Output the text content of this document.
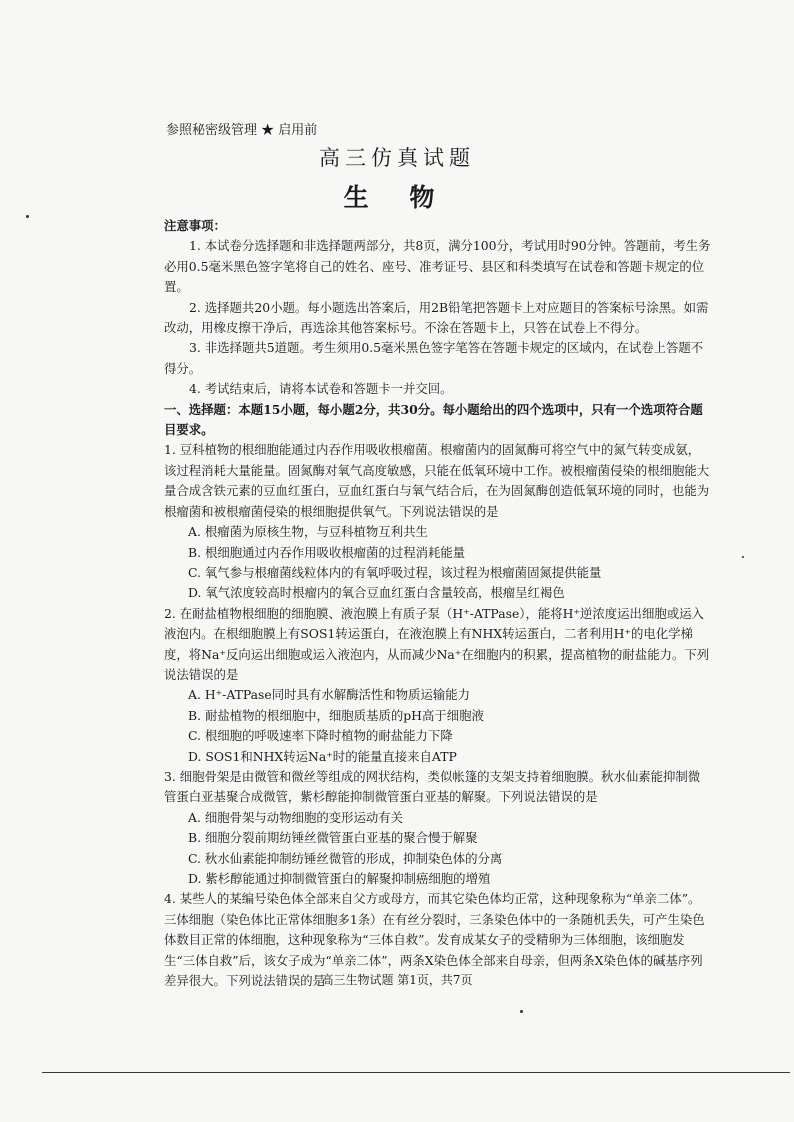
参照秘密级管理 ★ 启用前
高三仿真试题
生 物

注意事项：

1. 本试卷分选择题和非选择题两部分，共8页，满分100分，考试用时90分钟。答题前，考生务必用0.5毫米黑色签字笔将自己的姓名、座号、准考证号、县区和科类填写在试卷和答题卡规定的位置。

2. 选择题共20小题。每小题选出答案后，用2B铅笔把答题卡上对应题目的答案标号涂黑。如需改动，用橡皮擦干净后，再选涂其他答案标号。不涂在答题卡上，只答在试卷上不得分。

3. 非选择题共5道题。考生须用0.5毫米黑色签字笔答在答题卡规定的区域内，在试卷上答题不得分。

4. 考试结束后，请将本试卷和答题卡一并交回。

一、选择题：本题15小题，每小题2分，共30分。每小题给出的四个选项中，只有一个选项符合题目要求。

1. 豆科植物的根细胞能通过内吞作用吸收根瘤菌。根瘤菌内的固氮酶可将空气中的氮气转变成氨，该过程消耗大量能量。固氮酶对氧气高度敏感，只能在低氧环境中工作。被根瘤菌侵染的根细胞能大量合成含铁元素的豆血红蛋白，豆血红蛋白与氧气结合后，在为固氮酶创造低氧环境的同时，也能为根瘤菌和被根瘤菌侵染的根细胞提供氧气。下列说法错误的是

A. 根瘤菌为原核生物，与豆科植物互利共生

B. 根细胞通过内吞作用吸收根瘤菌的过程消耗能量

C. 氧气参与根瘤菌线粒体内的有氧呼吸过程，该过程为根瘤菌固氮提供能量

D. 氧气浓度较高时根瘤内的氧合豆血红蛋白含量较高，根瘤呈红褐色

2. 在耐盐植物根细胞的细胞膜、液泡膜上有质子泵（H⁺-ATPase），能将H⁺逆浓度运出细胞或运入液泡内。在根细胞膜上有SOS1转运蛋白，在液泡膜上有NHX转运蛋白，二者利用H⁺的电化学梯度，将Na⁺反向运出细胞或运入液泡内，从而减少Na⁺在细胞内的积累，提高植物的耐盐能力。下列说法错误的是

A. H⁺-ATPase同时具有水解酶活性和物质运输能力

B. 耐盐植物的根细胞中，细胞质基质的pH高于细胞液

C. 根细胞的呼吸速率下降时植物的耐盐能力下降

D. SOS1和NHX转运Na⁺时的能量直接来自ATP

3. 细胞骨架是由微管和微丝等组成的网状结构，类似帐篷的支架支持着细胞膜。秋水仙素能抑制微管蛋白亚基聚合成微管，紫杉醇能抑制微管蛋白亚基的解聚。下列说法错误的是

A. 细胞骨架与动物细胞的变形运动有关

B. 细胞分裂前期纺锤丝微管蛋白亚基的聚合慢于解聚

C. 秋水仙素能抑制纺锤丝微管的形成，抑制染色体的分离

D. 紫杉醇能通过抑制微管蛋白的解聚抑制癌细胞的增殖

4. 某些人的某编号染色体全部来自父方或母方，而其它染色体均正常，这种现象称为“单亲二体”。三体细胞（染色体比正常体细胞多1条）在有丝分裂时，三条染色体中的一条随机丢失，可产生染色体数目正常的体细胞，这种现象称为“三体自救”。发育成某女子的受精卵为三体细胞，该细胞发生“三体自救”后，该女子成为“单亲二体”，两条X染色体全部来自母亲，但两条X染色体的碱基序列差异很大。下列说法错误的是

高三生物试题 第1页，共7页
